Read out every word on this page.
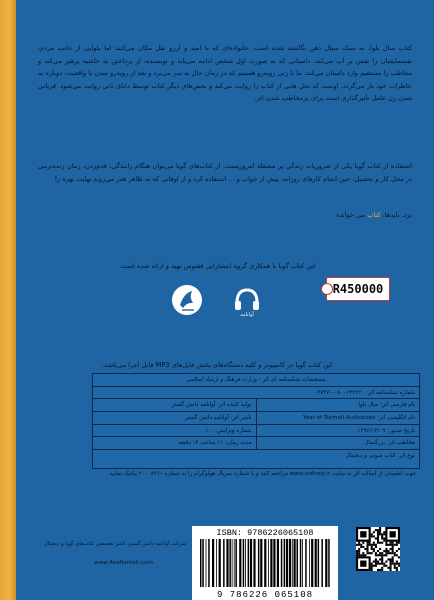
کتاب سال بلوا، به سبک سیال ذهن نگاشته شده است، خانواده‌ای که با امید و آرزو نقل مکان می‌کنند اما بلوایی از جانب مردم، نفسمایشان را نفس بر آب می‌کند. داستانی که به صورت اول شخص ادامه می‌یابد و نویسنده، از پرداختن به حاشیه پرهیز می‌کند و مخاطب را مستقیم وارد داستان می‌کند. ما با زنی روبه‌رو هستیم که در زمان حال به سر می‌برد و بعد از رویه‌رو شدن با واقعیت، دوباره به خاطرات خود باز می‌گردد. اوست که نخل هایی از کتاب را روایت می‌کند و بخش‌های دیگر کتاب توسط دایای تانی روایت می‌شود. قربانی شدن زن عامل تأثیرگذاری است برای پرمخاطب شدن اثر.
استفاده از کتاب گویا یکی از ضروریات زندگی پر مشغله امروزیست. از کتاب‌های گویا می‌توان هنگام رانندگی، قدم‌زدن، زمان زنده‌نرمی در محل کار و تحصیل، حین انجام کارهای روزانه، پیش از خواب و ... استفاده کرد و از اوقاتی که به ظاهر هدر می‌روند نهایت بهره را
برد. بایدها، کتاب می خواندء
این کتاب گویا با همکاری گروه انتشاراتی ققنوس تهیه و ارائه شده است.
آوانامه
R450000
این کتاب گویا در کامپیوتر و کلیه دستگاه‌های پخش فایل‌های MP3 قابل اجرا می‌باشد.
مشخصات شناسنامه ای اثر - وزارت فرهنگ و ارشاد اسلامی
شماره شناسنامه اثر: ۰۸۰۰۱۴۳۲۲۰-۰۳۷۳۷۰
نام فارسی اثر: سال بلوا
تولید کننده اثر: آوانامه دانش گستر
نام انگلیسی اثر: Year of Turmoil Audiobook
ناشر اثر: آوانامه دانش گستر
تاریخ صدور: ۱۳۹۶/۱۲/۰۹
شماره ویرایش: ۱.۰
مخاطب اثر: بزرگسال
مدت زمان: ۱۱ ساعت ۱۴ دقیقه
نوع اثر: کتاب صوتی و دیجیتال
جهت اطمینان از اصالت اثر به سایت www.softreg.ir مراجعه کنید و یا شماره سریال هولوگرام را به شماره ۲۰۰۰۸۳۱۱ پیامک نمایید.
شرکت آوانامه دانش گستر، ناشر تخصصی کتاب‌های گویا و دیجیتال
www.AvaNameh.com
ISBN: 9786226065108
9 786226 065108
